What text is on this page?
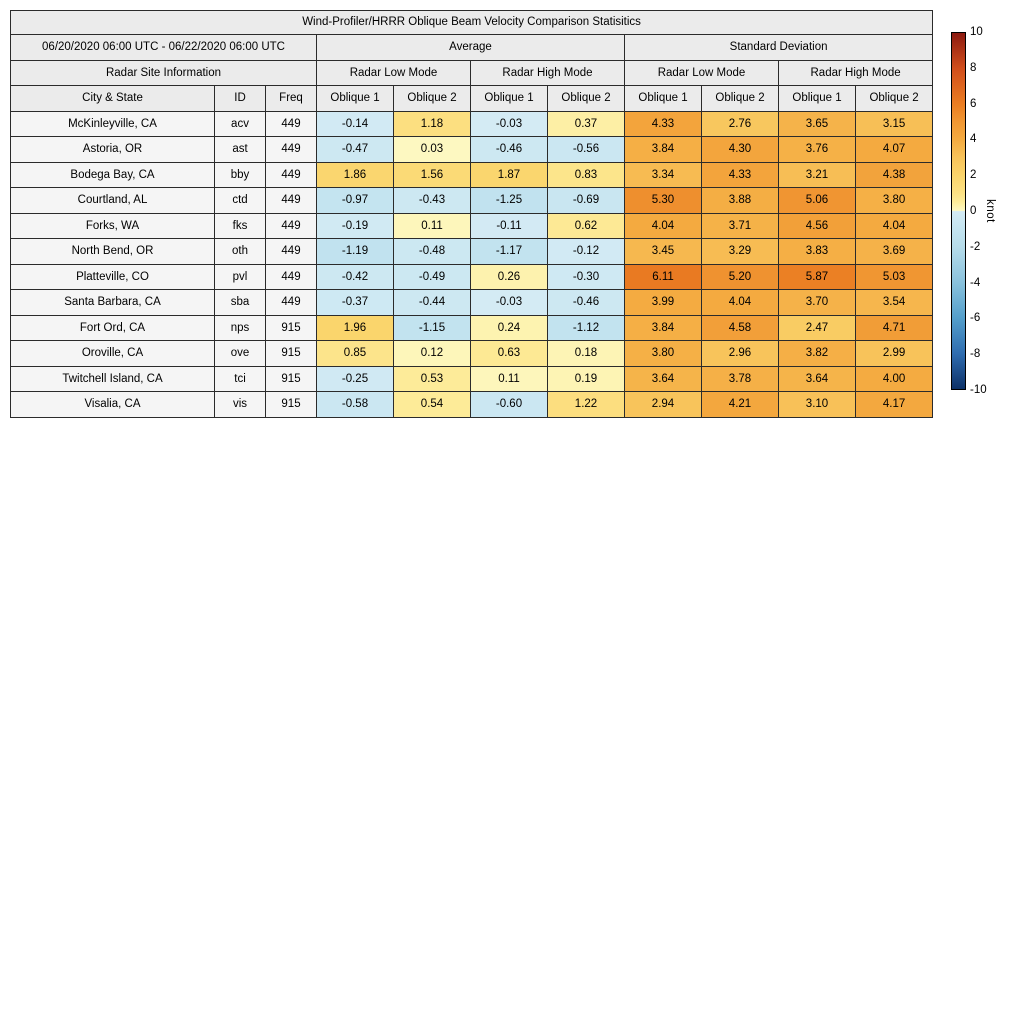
Wind-Profiler/HRRR Oblique Beam Velocity Comparison Statisitics										
06/20/2020 06:00 UTC - 06/22/2020 06:00 UTC			Average				Standard Deviation			
Radar Site Information			Radar Low Mode		Radar High Mode		Radar Low Mode		Radar High Mode	
City & State	ID	Freq	Oblique 1	Oblique 2	Oblique 1	Oblique 2	Oblique 1	Oblique 2	Oblique 1	Oblique 2
McKinleyville, CA	acv	449	-0.14	1.18	-0.03	0.37	4.33	2.76	3.65	3.15
Astoria, OR	ast	449	-0.47	0.03	-0.46	-0.56	3.84	4.30	3.76	4.07
Bodega Bay, CA	bby	449	1.86	1.56	1.87	0.83	3.34	4.33	3.21	4.38
Courtland, AL	ctd	449	-0.97	-0.43	-1.25	-0.69	5.30	3.88	5.06	3.80
Forks, WA	fks	449	-0.19	0.11	-0.11	0.62	4.04	3.71	4.56	4.04
North Bend, OR	oth	449	-1.19	-0.48	-1.17	-0.12	3.45	3.29	3.83	3.69
Platteville, CO	pvl	449	-0.42	-0.49	0.26	-0.30	6.11	5.20	5.87	5.03
Santa Barbara, CA	sba	449	-0.37	-0.44	-0.03	-0.46	3.99	4.04	3.70	3.54
Fort Ord, CA	nps	915	1.96	-1.15	0.24	-1.12	3.84	4.58	2.47	4.71
Oroville, CA	ove	915	0.85	0.12	0.63	0.18	3.80	2.96	3.82	2.99
Twitchell Island, CA	tci	915	-0.25	0.53	0.11	0.19	3.64	3.78	3.64	4.00
Visalia, CA	vis	915	-0.58	0.54	-0.60	1.22	2.94	4.21	3.10	4.17
10
8
6
4
2
0
-2
-4
-6
-8
-10
knot
